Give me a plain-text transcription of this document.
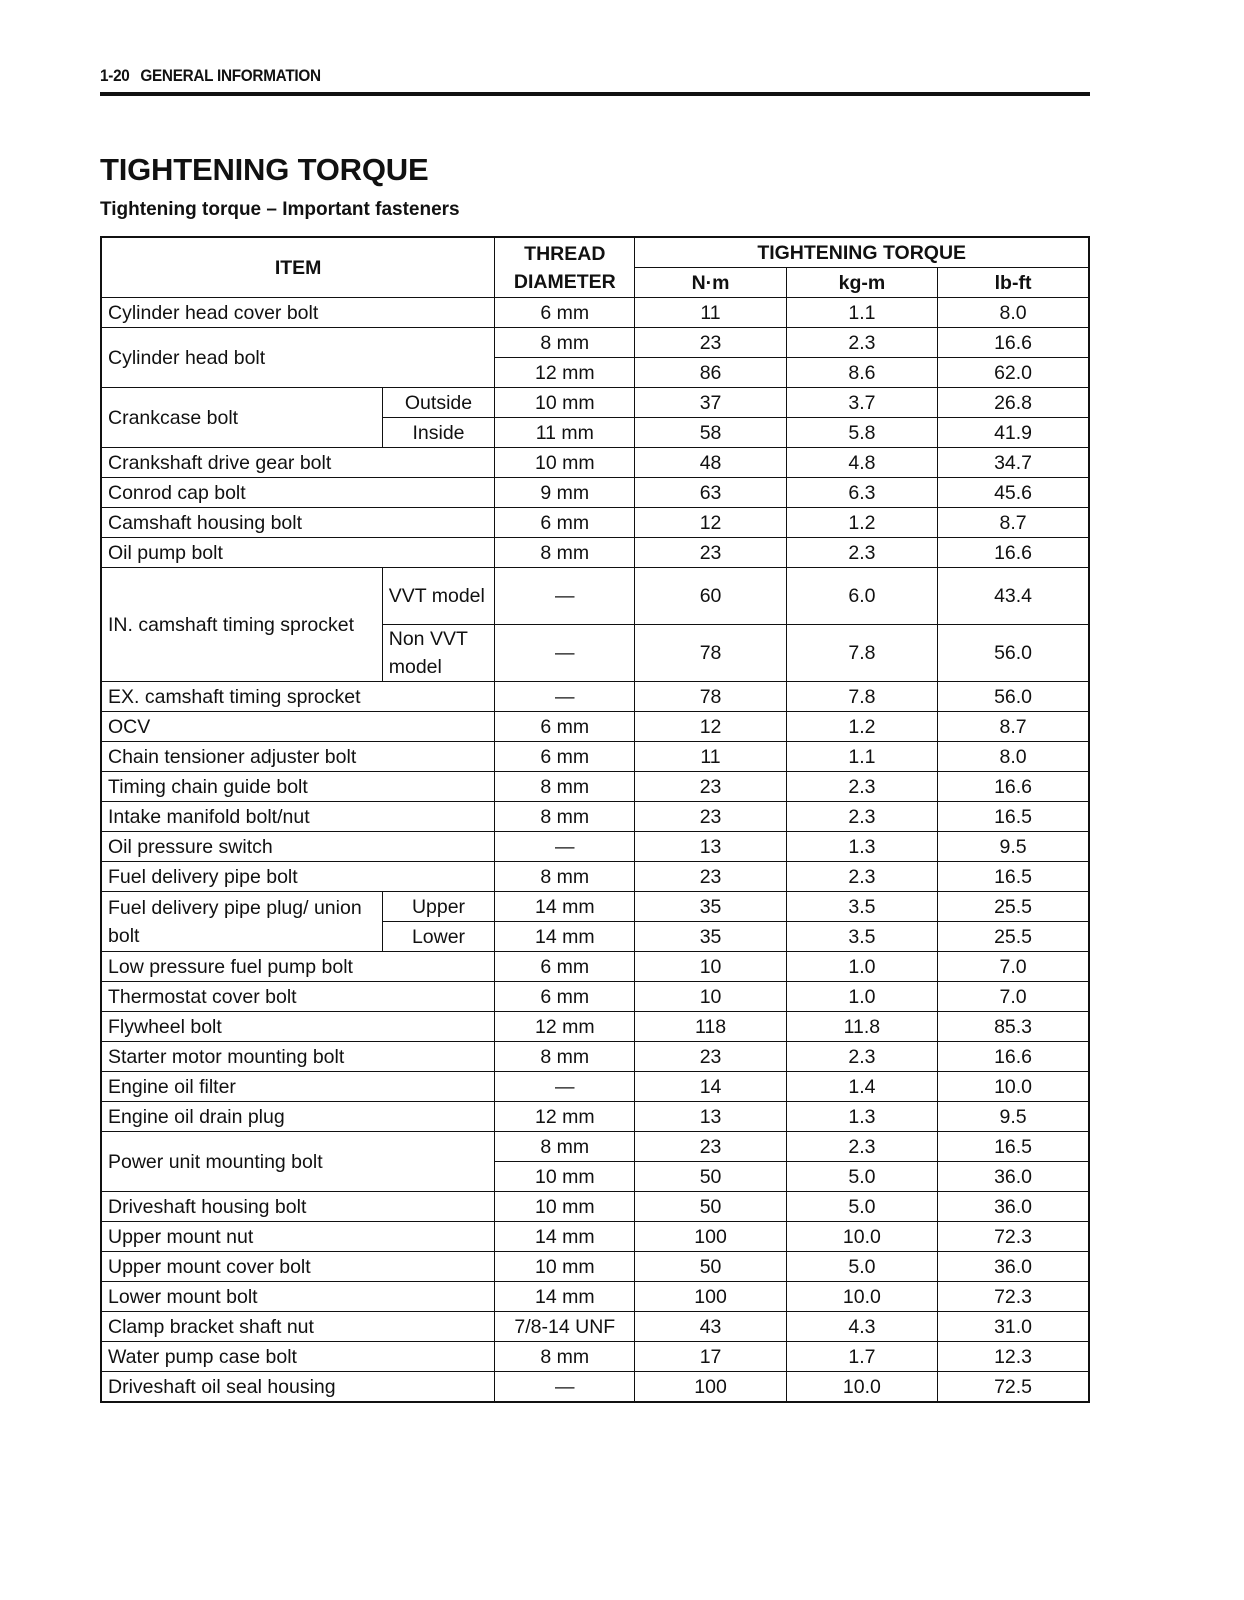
1-20 GENERAL INFORMATION
TIGHTENING TORQUE
Tightening torque – Important fasteners
ITEM		THREAD DIAMETER	TIGHTENING TORQUE		
			N·m	kg-m	lb-ft
Cylinder head cover bolt		6 mm	11	1.1	8.0
Cylinder head bolt		8 mm	23	2.3	16.6
		12 mm	86	8.6	62.0
Crankcase bolt	Outside	10 mm	37	3.7	26.8
	Inside	11 mm	58	5.8	41.9
Crankshaft drive gear bolt		10 mm	48	4.8	34.7
Conrod cap bolt		9 mm	63	6.3	45.6
Camshaft housing bolt		6 mm	12	1.2	8.7
Oil pump bolt		8 mm	23	2.3	16.6
IN. camshaft timing sprocket	VVT model	—	60	6.0	43.4
	Non VVT model	—	78	7.8	56.0
EX. camshaft timing sprocket		—	78	7.8	56.0
OCV		6 mm	12	1.2	8.7
Chain tensioner adjuster bolt		6 mm	11	1.1	8.0
Timing chain guide bolt		8 mm	23	2.3	16.6
Intake manifold bolt/nut		8 mm	23	2.3	16.5
Oil pressure switch		—	13	1.3	9.5
Fuel delivery pipe bolt		8 mm	23	2.3	16.5
Fuel delivery pipe plug/ union bolt	Upper	14 mm	35	3.5	25.5
	Lower	14 mm	35	3.5	25.5
Low pressure fuel pump bolt		6 mm	10	1.0	7.0
Thermostat cover bolt		6 mm	10	1.0	7.0
Flywheel bolt		12 mm	118	11.8	85.3
Starter motor mounting bolt		8 mm	23	2.3	16.6
Engine oil filter		—	14	1.4	10.0
Engine oil drain plug		12 mm	13	1.3	9.5
Power unit mounting bolt		8 mm	23	2.3	16.5
		10 mm	50	5.0	36.0
Driveshaft housing bolt		10 mm	50	5.0	36.0
Upper mount nut		14 mm	100	10.0	72.3
Upper mount cover bolt		10 mm	50	5.0	36.0
Lower mount bolt		14 mm	100	10.0	72.3
Clamp bracket shaft nut		7/8-14 UNF	43	4.3	31.0
Water pump case bolt		8 mm	17	1.7	12.3
Driveshaft oil seal housing		—	100	10.0	72.5
